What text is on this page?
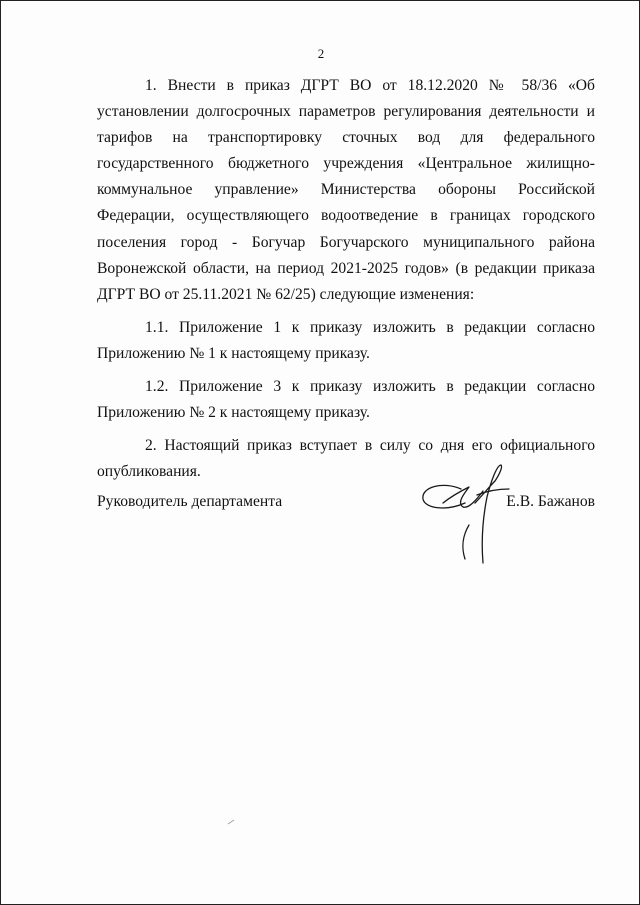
2

1. Внести в приказ ДГРТ ВО от 18.12.2020 № 58/36 «Об установлении долгосрочных параметров регулирования деятельности и тарифов на транспортировку сточных вод для федерального государственного бюджетного учреждения «Центральное жилищно-коммунальное управление» Министерства обороны Российской Федерации, осуществляющего водоотведение в границах городского поселения город - Богучар Богучарского муниципального района Воронежской области, на период 2021-2025 годов» (в редакции приказа ДГРТ ВО от 25.11.2021 № 62/25) следующие изменения:

1.1. Приложение 1 к приказу изложить в редакции согласно Приложению № 1 к настоящему приказу.

1.2. Приложение 3 к приказу изложить в редакции согласно Приложению № 2 к настоящему приказу.

2. Настоящий приказ вступает в силу со дня его официального опубликования.

Руководитель департамента	Е.В. Бажанов
